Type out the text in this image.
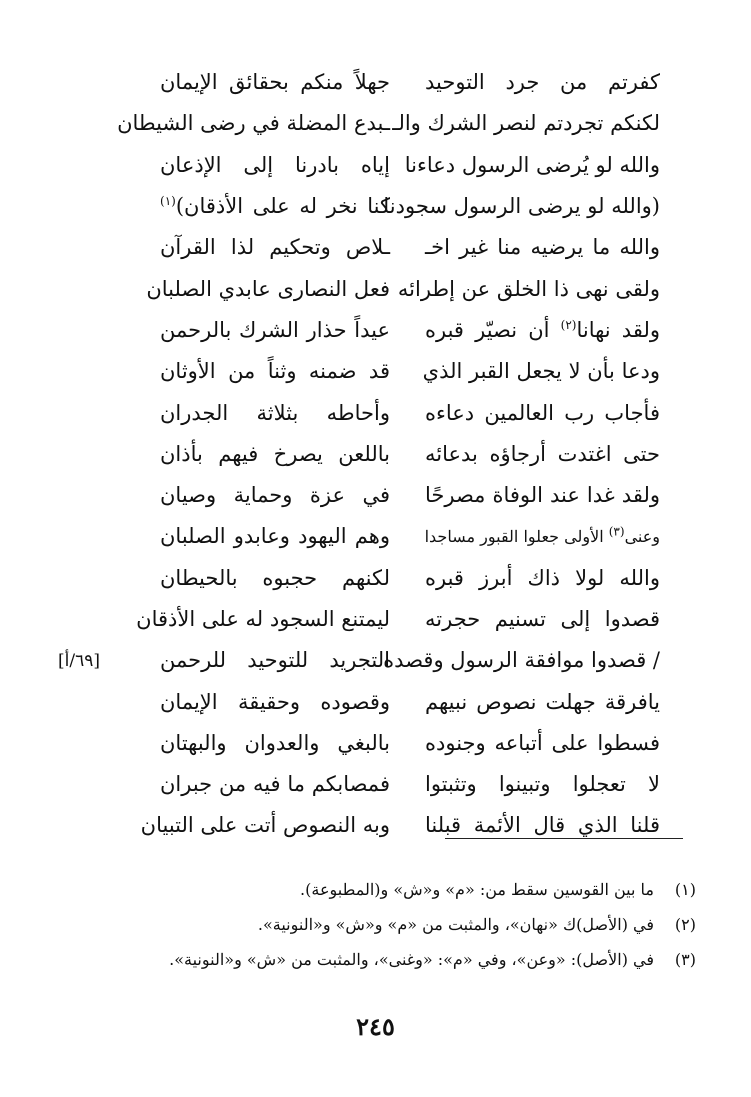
كفرتم من جرد التوحيد
جهلاً منكم بحقائق الإيمان
لكنكم تجردتم لنصر الشرك والـ
ـبدع المضلة في رضى الشيطان
والله لو يُرضى الرسول دعاءنا
إياه بادرنا إلى الإذعان
(والله لو يرضى الرسول سجودنا
كنا نخر له على الأذقان)$^{(١)}$
والله ما يرضيه منا غير اخـ
ـلاص وتحكيم لذا القرآن
ولقى نهى ذا الخلق عن إطرائه
فعل النصارى عابدي الصلبان
ولقد نهانا$^{(٢)}$ أن نصيّر قبره
عيداً حذار الشرك بالرحمن
ودعا بأن لا يجعل القبر الذي
قد ضمنه وثناً من الأوثان
فأجاب رب العالمين دعاءه
وأحاطه بثلاثة الجدران
حتى اغتدت أرجاؤه بدعائه
باللعن يصرخ فيهم بأذان
ولقد غدا عند الوفاة مصرحًا
في عزة وحماية وصيان
وعنى$^{(٣)}$ الأولى جعلوا القبور مساجدا
وهم اليهود وعابدو الصلبان
والله لولا ذاك أبرز قبره
لكنهم حجبوه بالحيطان
قصدوا إلى تسنيم حجرته
ليمتنع السجود له على الأذقان
/ قصدوا موافقة الرسول وقصده
التجريد للتوحيد للرحمن
يافرقة جهلت نصوص نبيهم
وقصوده وحقيقة الإيمان
فسطوا على أتباعه وجنوده
بالبغي والعدوان والبهتان
لا تعجلوا وتبينوا وتثبتوا
فمصابكم ما فيه من جبران
قلنا الذي قال الأئمة قبلنا
وبه النصوص أتت على التبيان
[٦٩/أ]
(١)
ما بين القوسين سقط من: «م» و«ش» و(المطبوعة).
(٢)
في (الأصل)ك «نهان»، والمثبت من «م» و«ش» و«النونية».
(٣)
في (الأصل): «وعن»، وفي «م»: «وغنى»، والمثبت من «ش» و«النونية».
٢٤٥
